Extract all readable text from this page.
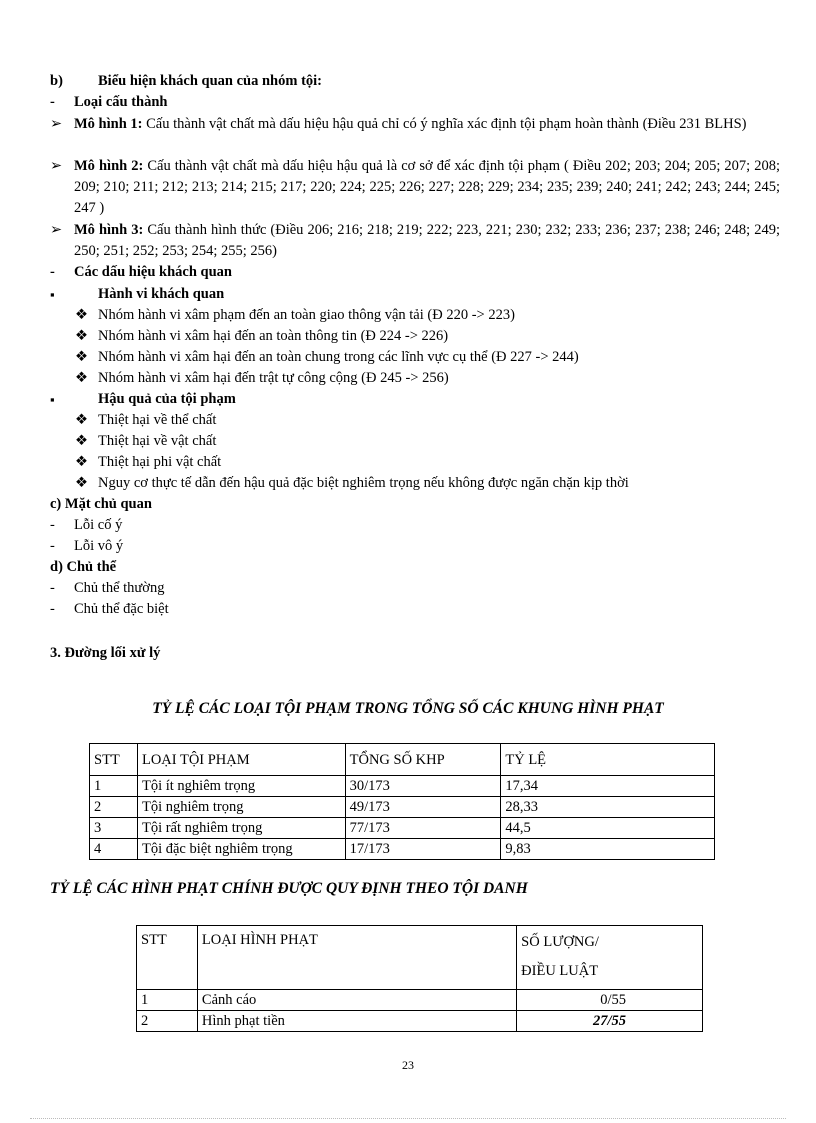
b) Biểu hiện khách quan của nhóm tội:
- Loại cấu thành
➢ Mô hình 1: Cấu thành vật chất mà dấu hiệu hậu quả chỉ có ý nghĩa xác định tội phạm hoàn thành (Điều 231 BLHS)
➢ Mô hình 2: Cấu thành vật chất mà dấu hiệu hậu quả là cơ sở để xác định tội phạm ( Điều 202; 203; 204; 205; 207; 208; 209; 210; 211; 212; 213; 214; 215; 217; 220; 224; 225; 226; 227; 228; 229; 234; 235; 239; 240; 241; 242; 243; 244; 245; 247 )
➢ Mô hình 3: Cấu thành hình thức (Điều 206; 216; 218; 219; 222; 223, 221; 230; 232; 233; 236; 237; 238; 246; 248; 249; 250; 251; 252; 253; 254; 255; 256)
- Các dấu hiệu khách quan
▪	Hành vi khách quan
❖ Nhóm hành vi xâm phạm đến an toàn giao thông vận tải (Đ 220 -> 223)
❖ Nhóm hành vi xâm hại đến an toàn thông tin (Đ 224 -> 226)
❖ Nhóm hành vi xâm hại đến an toàn chung trong các lĩnh vực cụ thể (Đ 227 -> 244)
❖ Nhóm hành vi xâm hại đến trật tự công cộng (Đ 245 -> 256)
▪	Hậu quả của tội phạm
❖ Thiệt hại về thể chất
❖ Thiệt hại về vật chất
❖ Thiệt hại phi vật chất
❖ Nguy cơ thực tế dẫn đến hậu quả đặc biệt nghiêm trọng nếu không được ngăn chặn kịp thời
c) Mặt chủ quan
- Lỗi cố ý
- Lỗi vô ý
d) Chủ thể
- Chủ thể thường
- Chủ thể đặc biệt
3. Đường lối xử lý
TỶ LỆ CÁC LOẠI TỘI PHẠM TRONG TỔNG SỐ CÁC KHUNG HÌNH PHẠT
STT	LOẠI TỘI PHẠM	TỔNG SỐ KHP	TỶ LỆ
1	Tội ít nghiêm trọng	30/173	17,34
2	Tội nghiêm trọng	49/173	28,33
3	Tội rất nghiêm trọng	77/173	44,5
4	Tội đặc biệt nghiêm trọng	17/173	9,83
TỶ LỆ CÁC HÌNH PHẠT CHÍNH ĐƯỢC QUY ĐỊNH THEO TỘI DANH
STT	LOẠI HÌNH PHẠT	SỐ LƯỢNG/
ĐIỀU LUẬT

1	Cảnh cáo	0/55
2	Hình phạt tiền	27/55
23
